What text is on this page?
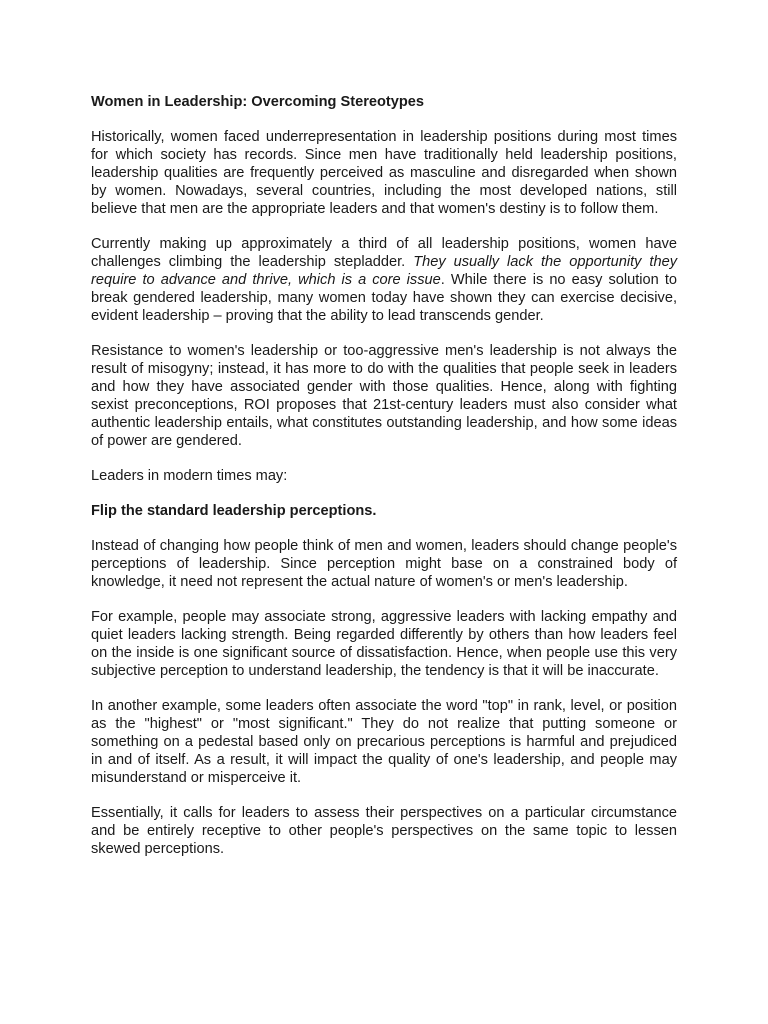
Women in Leadership: Overcoming Stereotypes

Historically, women faced underrepresentation in leadership positions during most times for which society has records. Since men have traditionally held leadership positions, leadership qualities are frequently perceived as masculine and disregarded when shown by women. Nowadays, several countries, including the most developed nations, still believe that men are the appropriate leaders and that women's destiny is to follow them.

Currently making up approximately a third of all leadership positions, women have challenges climbing the leadership stepladder. They usually lack the opportunity they require to advance and thrive, which is a core issue. While there is no easy solution to break gendered leadership, many women today have shown they can exercise decisive, evident leadership – proving that the ability to lead transcends gender.

Resistance to women's leadership or too-aggressive men's leadership is not always the result of misogyny; instead, it has more to do with the qualities that people seek in leaders and how they have associated gender with those qualities. Hence, along with fighting sexist preconceptions, ROI proposes that 21st-century leaders must also consider what authentic leadership entails, what constitutes outstanding leadership, and how some ideas of power are gendered.

Leaders in modern times may:

Flip the standard leadership perceptions.

Instead of changing how people think of men and women, leaders should change people's perceptions of leadership. Since perception might base on a constrained body of knowledge, it need not represent the actual nature of women's or men's leadership.

For example, people may associate strong, aggressive leaders with lacking empathy and quiet leaders lacking strength. Being regarded differently by others than how leaders feel on the inside is one significant source of dissatisfaction. Hence, when people use this very subjective perception to understand leadership, the tendency is that it will be inaccurate.

In another example, some leaders often associate the word "top" in rank, level, or position as the "highest" or "most significant." They do not realize that putting someone or something on a pedestal based only on precarious perceptions is harmful and prejudiced in and of itself. As a result, it will impact the quality of one's leadership, and people may misunderstand or misperceive it.

Essentially, it calls for leaders to assess their perspectives on a particular circumstance and be entirely receptive to other people's perspectives on the same topic to lessen skewed perceptions.
